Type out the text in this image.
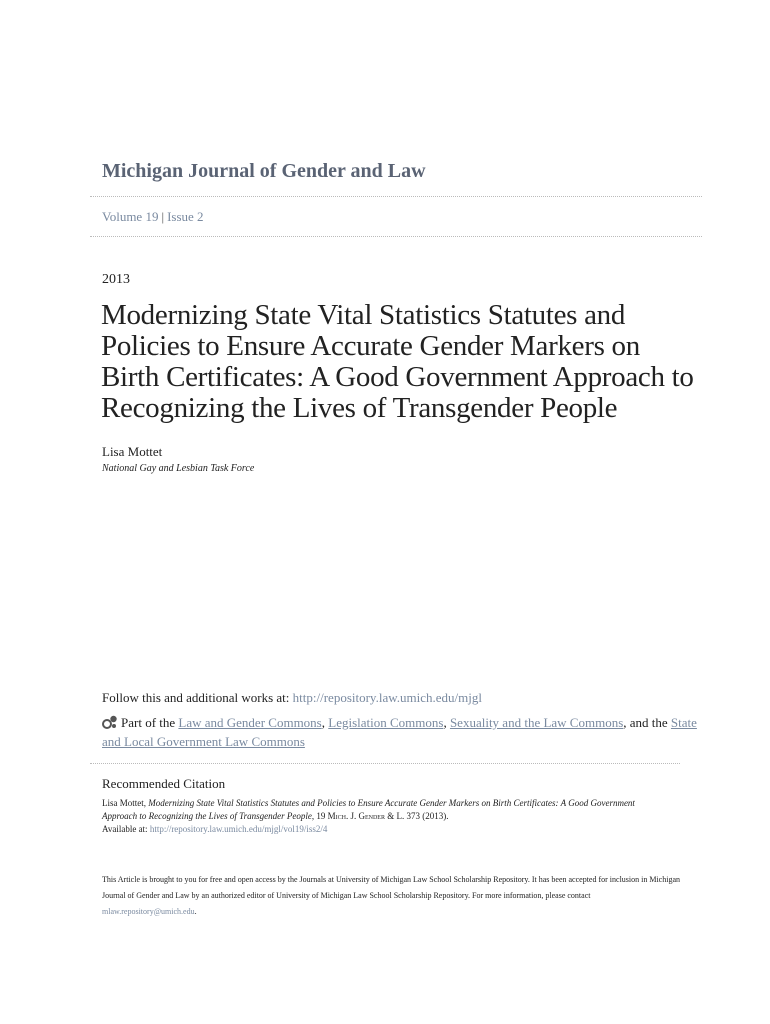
Michigan Journal of Gender and Law
Volume 19 | Issue 2
2013
Modernizing State Vital Statistics Statutes and Policies to Ensure Accurate Gender Markers on Birth Certificates: A Good Government Approach to Recognizing the Lives of Transgender People
Lisa Mottet
National Gay and Lesbian Task Force
Follow this and additional works at: http://repository.law.umich.edu/mjgl
Part of the Law and Gender Commons, Legislation Commons, Sexuality and the Law Commons, and the State and Local Government Law Commons
Recommended Citation
Lisa Mottet, Modernizing State Vital Statistics Statutes and Policies to Ensure Accurate Gender Markers on Birth Certificates: A Good Government Approach to Recognizing the Lives of Transgender People, 19 Mich. J. Gender & L. 373 (2013).
Available at: http://repository.law.umich.edu/mjgl/vol19/iss2/4
This Article is brought to you for free and open access by the Journals at University of Michigan Law School Scholarship Repository. It has been accepted for inclusion in Michigan Journal of Gender and Law by an authorized editor of University of Michigan Law School Scholarship Repository. For more information, please contact mlaw.repository@umich.edu.
